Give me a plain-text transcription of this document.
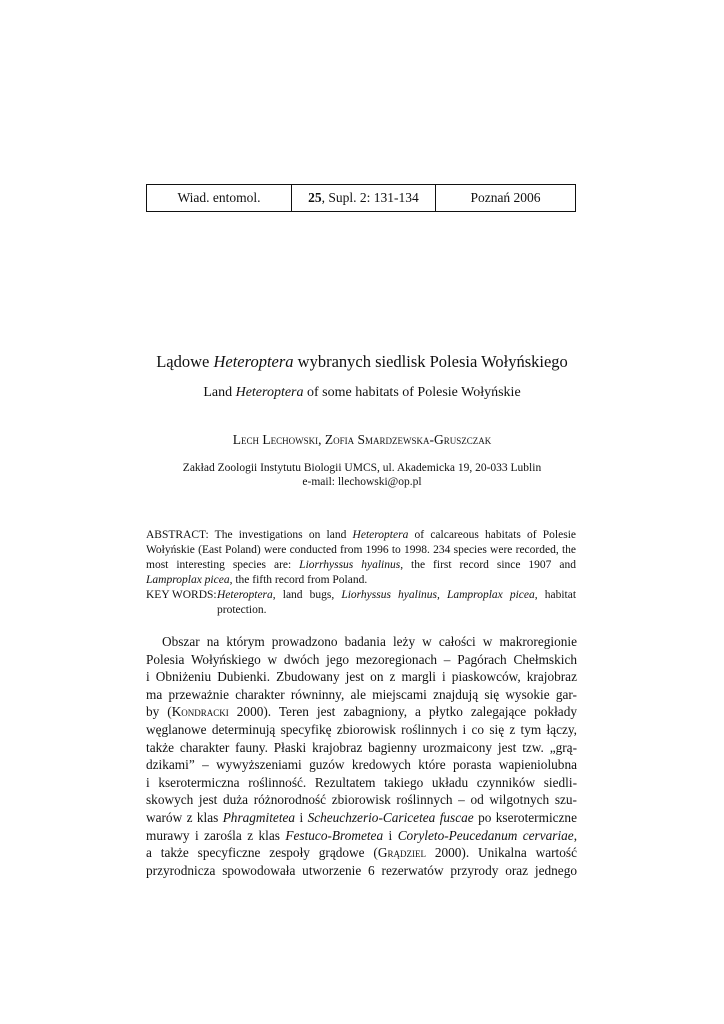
Wiad. entomol.	25 , Supl. 2: 131-134	Poznań 2006
Lądowe Heteroptera wybranych siedlisk Polesia Wołyńskiego
Land Heteroptera of some habitats of Polesie Wołyńskie
Lech Lechowski, Zofia Smardzewska-Gruszczak
Zakład Zoologii Instytutu Biologii UMCS, ul. Akademicka 19, 20-033 Lublin
e-mail: llechowski@op.pl
ABSTRACT: The investigations on land Heteroptera of calcareous habitats of Polesie Wołyńskie (East Poland) were conducted from 1996 to 1998. 234 species were recorded, the most interesting species are: Liorrhyssus hyalinus, the first record since 1907 and Lamproplax picea, the fifth record from Poland.
KEY WORDS: Heteroptera, land bugs, Liorhyssus hyalinus, Lamproplax picea, habitat protection.
Obszar na którym prowadzono badania leży w całości w makroregionie
Polesia Wołyńskiego w dwóch jego mezoregionach – Pagórach Chełmskich
i Obniżeniu Dubienki. Zbudowany jest on z margli i piaskowców, krajobraz
ma przeważnie charakter równinny, ale miejscami znajdują się wysokie gar-
by (Kondracki 2000). Teren jest zabagniony, a płytko zalegające pokłady
węglanowe determinują specyfikę zbiorowisk roślinnych i co się z tym łączy,
także charakter fauny. Płaski krajobraz bagienny urozmaicony jest tzw. „grą-
dzikami” – wywyższeniami guzów kredowych które porasta wapieniolubna
i kserotermiczna roślinność. Rezultatem takiego układu czynników siedli-
skowych jest duża różnorodność zbiorowisk roślinnych – od wilgotnych szu-
warów z klas Phragmitetea i Scheuchzerio-Caricetea fuscae po kserotermiczne
murawy i zarośla z klas Festuco-Brometea i Coryleto-Peucedanum cervariae,
a także specyficzne zespoły grądowe (Grądziel 2000). Unikalna wartość
przyrodnicza spowodowała utworzenie 6 rezerwatów przyrody oraz jednego
